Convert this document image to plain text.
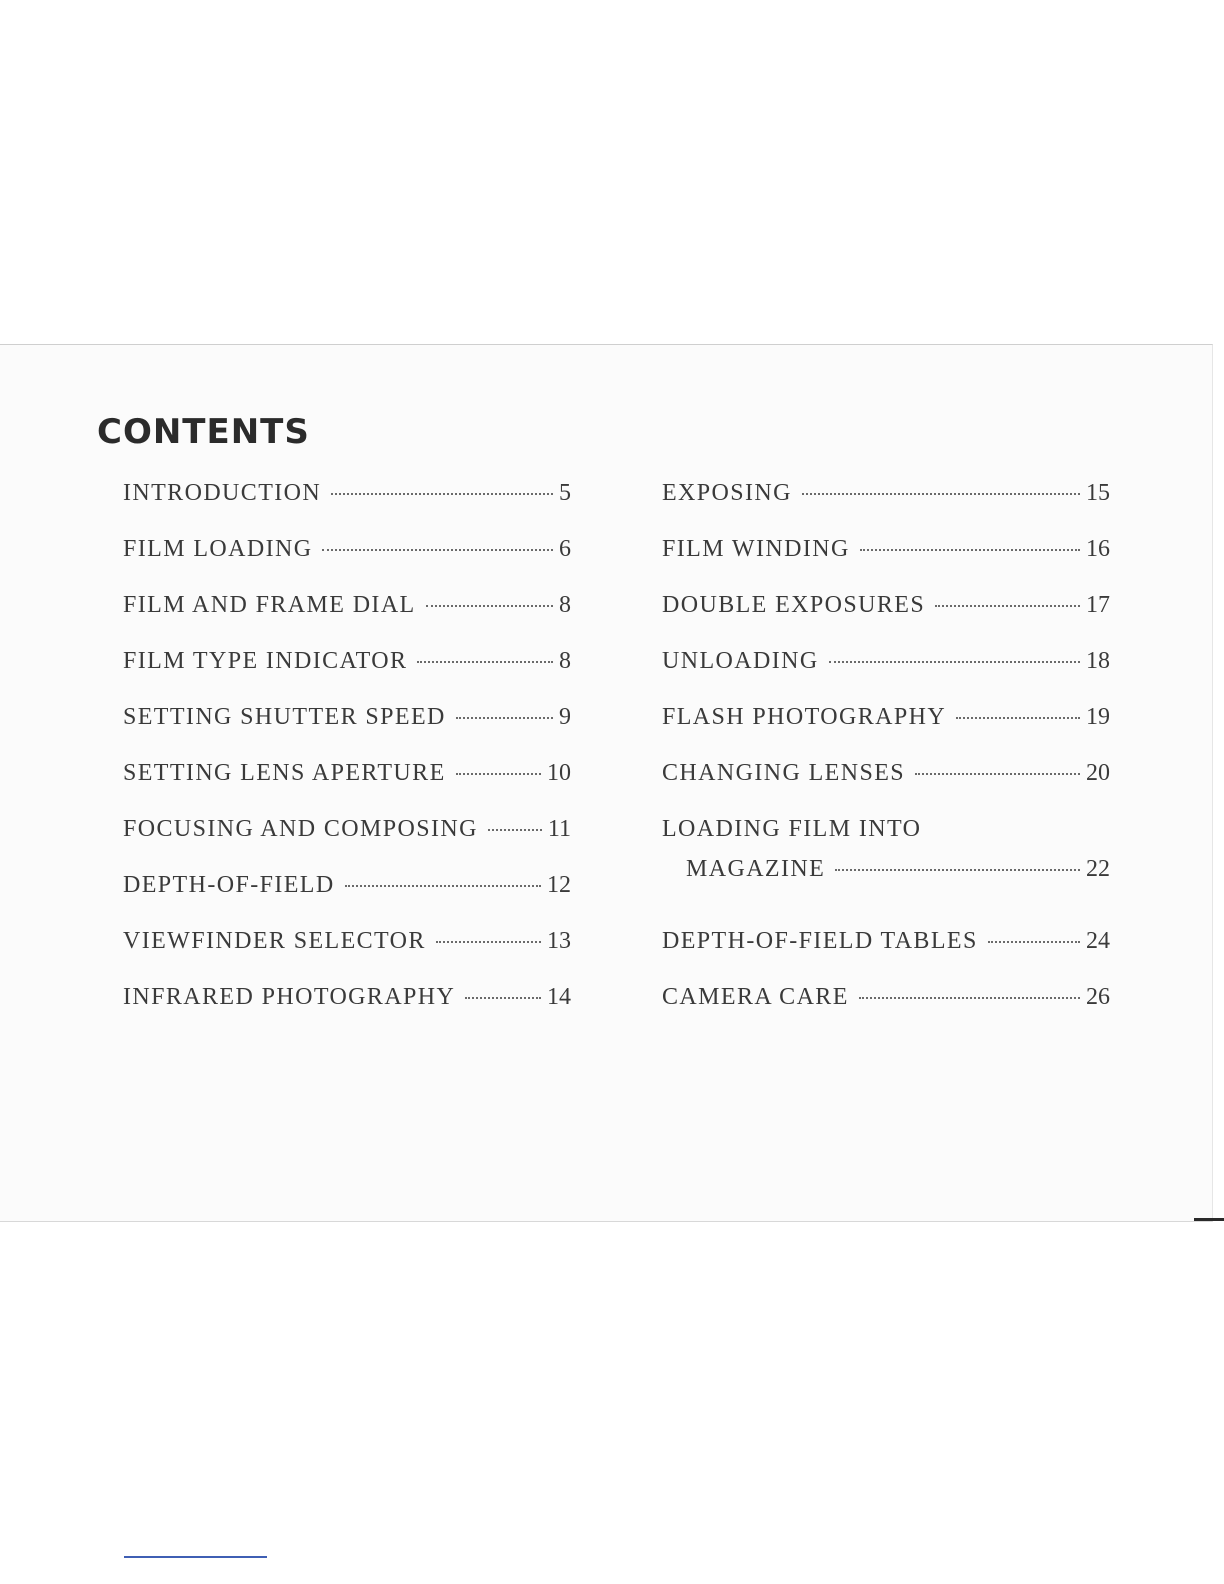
CONTENTS
INTRODUCTION	5
FILM LOADING	6
FILM AND FRAME DIAL	8
FILM TYPE INDICATOR	8
SETTING SHUTTER SPEED	9
SETTING LENS APERTURE	10
FOCUSING AND COMPOSING	11
DEPTH-OF-FIELD	12
VIEWFINDER SELECTOR	13
INFRARED PHOTOGRAPHY	14
EXPOSING	15
FILM WINDING	16
DOUBLE EXPOSURES	17
UNLOADING	18
FLASH PHOTOGRAPHY	19
CHANGING LENSES	20
LOADING FILM INTO
MAGAZINE	22
DEPTH-OF-FIELD TABLES	24
CAMERA CARE	26
